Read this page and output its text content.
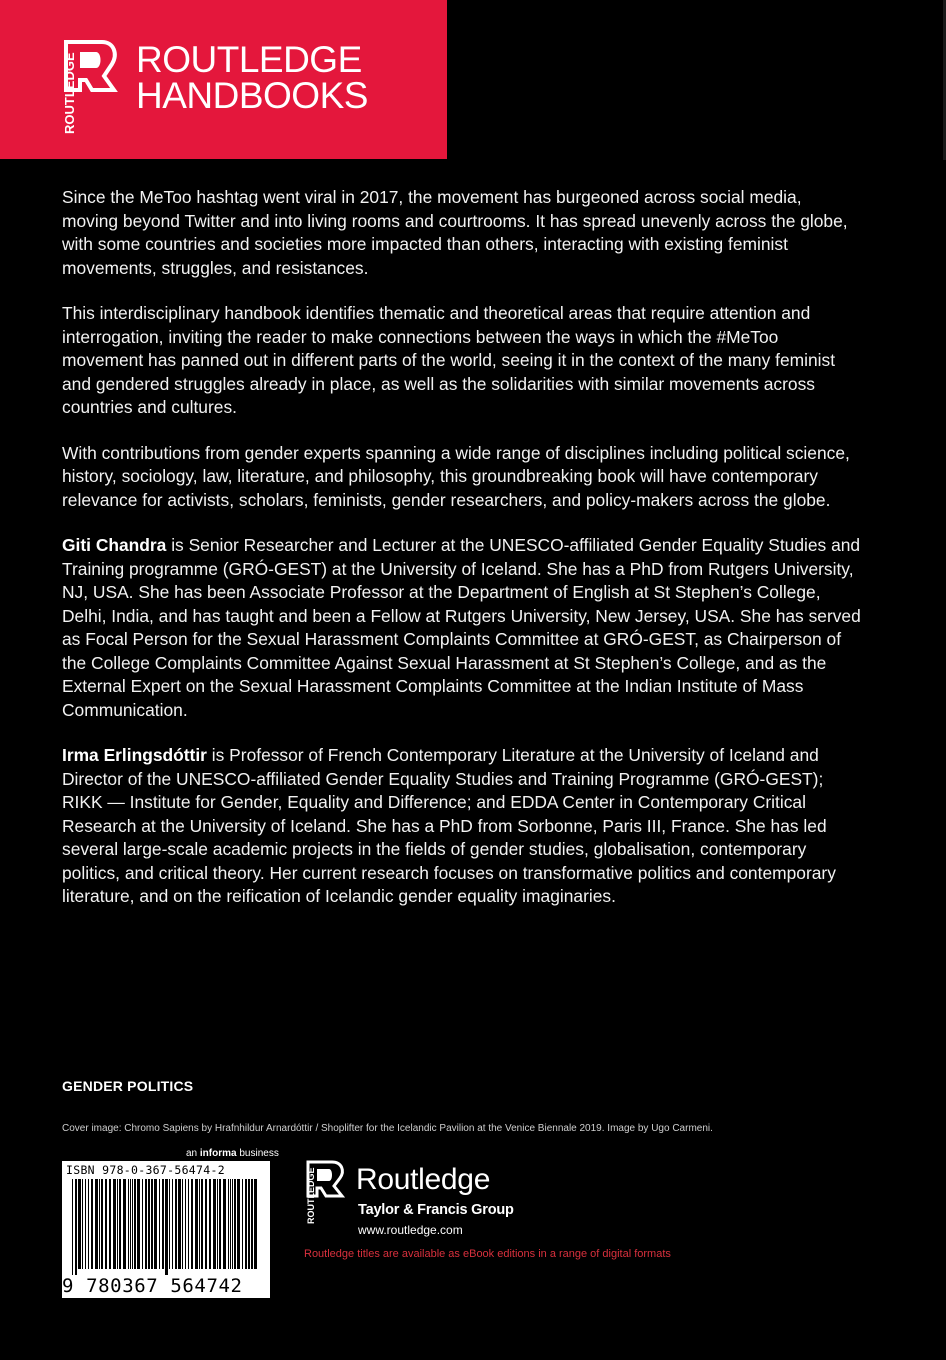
ROUTLEDGE ROUTLEDGE
HANDBOOKS

Since the MeToo hashtag went viral in 2017, the movement has burgeoned across social media, moving beyond Twitter and into living rooms and courtrooms. It has spread unevenly across the globe, with some countries and societies more impacted than others, interacting with existing feminist movements, struggles, and resistances.

This interdisciplinary handbook identifies thematic and theoretical areas that require attention and interrogation, inviting the reader to make connections between the ways in which the #MeToo movement has panned out in different parts of the world, seeing it in the context of the many feminist and gendered struggles already in place, as well as the solidarities with similar movements across countries and cultures.

With contributions from gender experts spanning a wide range of disciplines including political science, history, sociology, law, literature, and philosophy, this groundbreaking book will have contemporary relevance for activists, scholars, feminists, gender researchers, and policy-makers across the globe.

Giti Chandra is Senior Researcher and Lecturer at the UNESCO-affiliated Gender Equality Studies and Training programme (GRÓ-GEST) at the University of Iceland. She has a PhD from Rutgers University, NJ, USA. She has been Associate Professor at the Department of English at St Stephen’s College, Delhi, India, and has taught and been a Fellow at Rutgers University, New Jersey, USA. She has served as Focal Person for the Sexual Harassment Complaints Committee at GRÓ-GEST, as Chairperson of the College Complaints Committee Against Sexual Harassment at St Stephen’s College, and as the External Expert on the Sexual Harassment Complaints Committee at the Indian Institute of Mass Communication.

Irma Erlingsdóttir is Professor of French Contemporary Literature at the University of Iceland and Director of the UNESCO-affiliated Gender Equality Studies and Training Programme (GRÓ-GEST); RIKK — Institute for Gender, Equality and Difference; and EDDA Center in Contemporary Critical Research at the University of Iceland. She has a PhD from Sorbonne, Paris III, France. She has led several large-scale academic projects in the fields of gender studies, globalisation, contemporary politics, and critical theory. Her current research focuses on transformative politics and contemporary literature, and on the reification of Icelandic gender equality imaginaries.

GENDER POLITICS
Cover image: Chromo Sapiens by Hrafnhildur Arnardóttir / Shoplifter for the Icelandic Pavilion at the Venice Biennale 2019. Image by Ugo Carmeni.
an informa business
ISBN 978-0-367-56474-2
9 780367 564742
ROUTLEDGE Routledge
Taylor & Francis Group
www.routledge.com
Routledge titles are available as eBook editions in a range of digital formats
